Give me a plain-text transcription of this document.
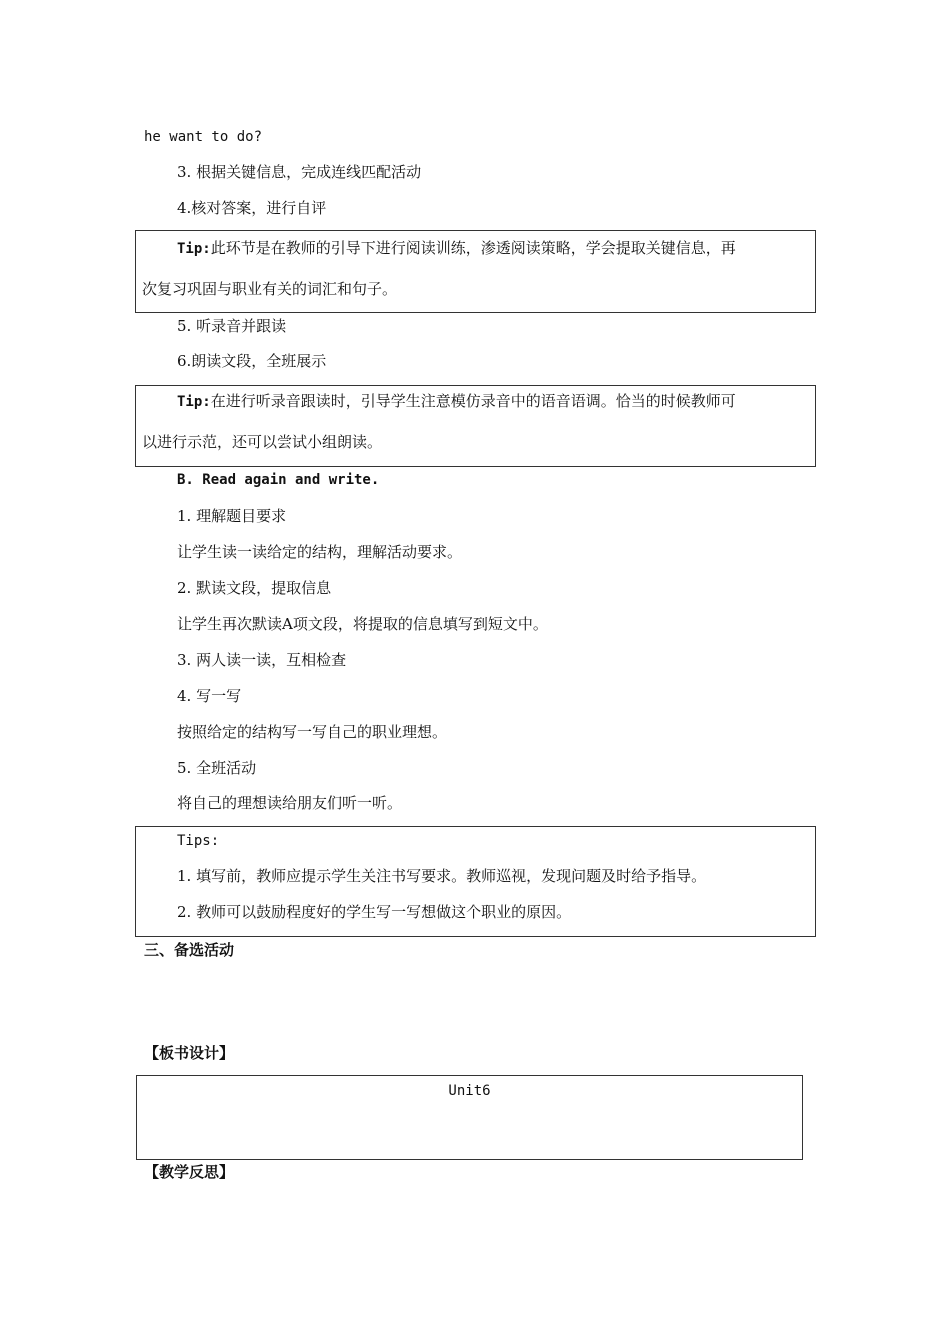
he want to do?
3. 根据关键信息，完成连线匹配活动
4.核对答案，进行自评
Tip:此环节是在教师的引导下进行阅读训练，渗透阅读策略，学会提取关键信息，再
次复习巩固与职业有关的词汇和句子。
5. 听录音并跟读
6.朗读文段，全班展示
Tip:在进行听录音跟读时，引导学生注意模仿录音中的语音语调。恰当的时候教师可
以进行示范，还可以尝试小组朗读。
B. Read again and write.
1. 理解题目要求
让学生读一读给定的结构，理解活动要求。
2. 默读文段，提取信息
让学生再次默读A项文段，将提取的信息填写到短文中。
3. 两人读一读，互相检查
4. 写一写
按照给定的结构写一写自己的职业理想。
5. 全班活动
将自己的理想读给朋友们听一听。
Tips:
1. 填写前，教师应提示学生关注书写要求。教师巡视，发现问题及时给予指导。
2. 教师可以鼓励程度好的学生写一写想做这个职业的原因。
三、备选活动
【板书设计】
Unit6
【教学反思】
